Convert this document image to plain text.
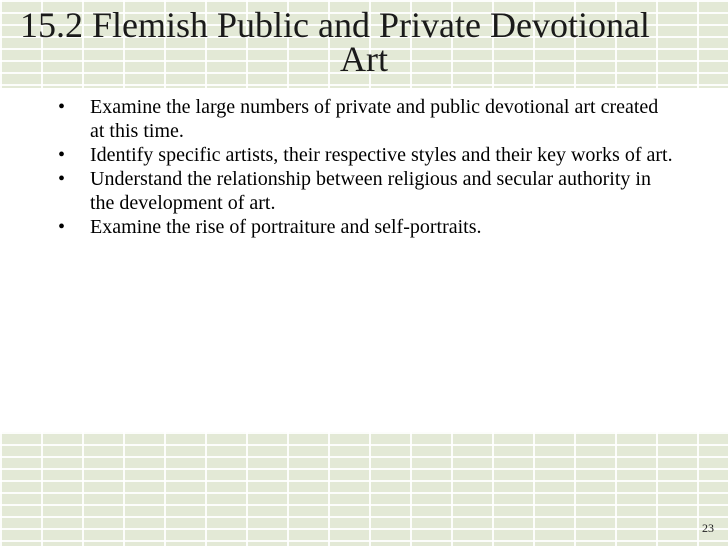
15.2 Flemish Public and Private Devotional
Art
• Examine the large numbers of private and public devotional art created at this time.
• Identify specific artists, their respective styles and their key works of art.
• Understand the relationship between religious and secular authority in the development of art.
• Examine the rise of portraiture and self-portraits.
23
